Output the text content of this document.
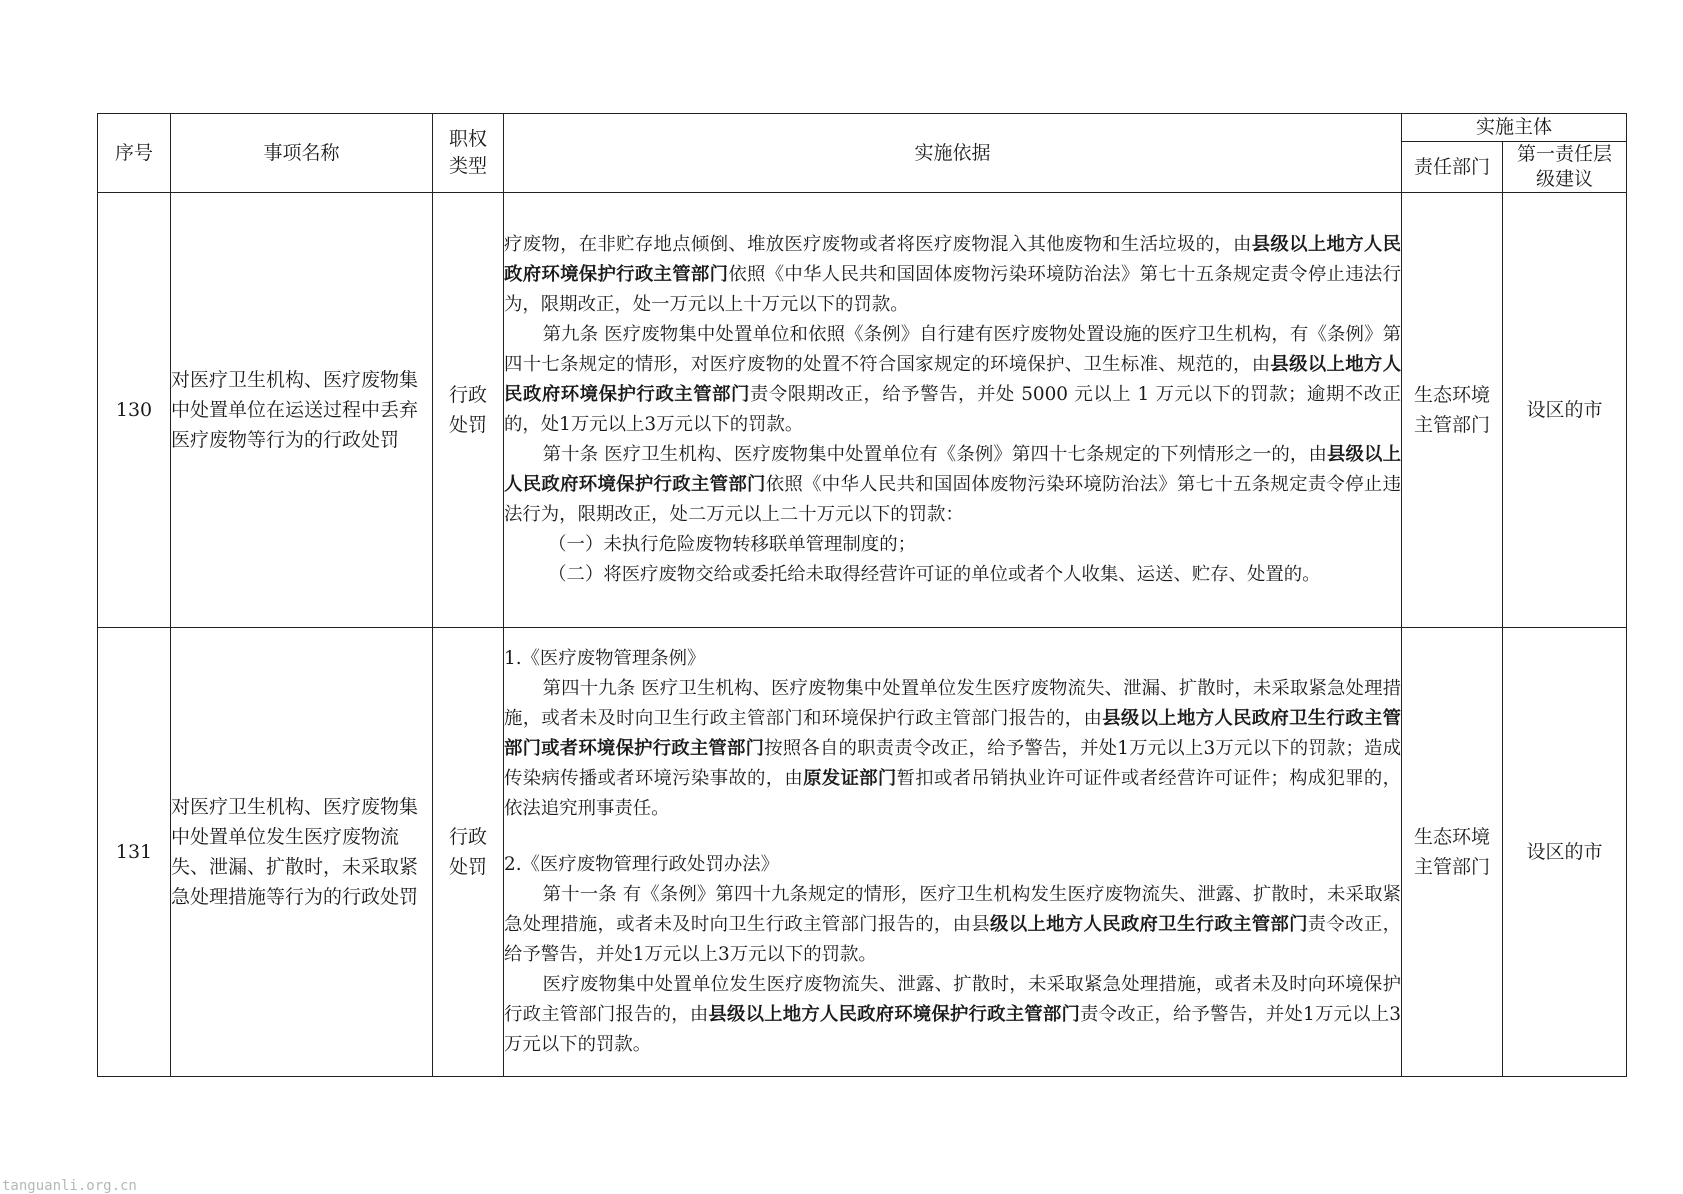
序号	事项名称	职权类型	实施依据	实施主体	
				责任部门	第一责任层级建议
130	对医疗卫生机构、医疗废物集中处置单位在运送过程中丢弃医疗废物等行为的行政处罚	行政处罚	疗废物，在非贮存地点倾倒、堆放医疗废物或者将医疗废物混入其他废物和生活垃圾的，由县级以上地方人民政府环境保护行政主管部门依照《中华人民共和国固体废物污染环境防治法》第七十五条规定责令停止违法行为，限期改正，处一万元以上十万元以下的罚款。

第九条 医疗废物集中处置单位和依照《条例》自行建有医疗废物处置设施的医疗卫生机构，有《条例》第四十七条规定的情形，对医疗废物的处置不符合国家规定的环境保护、卫生标准、规范的，由县级以上地方人民政府环境保护行政主管部门责令限期改正，给予警告，并处 5000 元以上 1 万元以下的罚款；逾期不改正的，处1万元以上3万元以下的罚款。

第十条 医疗卫生机构、医疗废物集中处置单位有《条例》第四十七条规定的下列情形之一的，由县级以上人民政府环境保护行政主管部门依照《中华人民共和国固体废物污染环境防治法》第七十五条规定责令停止违法行为，限期改正，处二万元以上二十万元以下的罚款：

（一）未执行危险废物转移联单管理制度的；

（二）将医疗废物交给或委托给未取得经营许可证的单位或者个人收集、运送、贮存、处置的。	生态环境主管部门	设区的市
131	对医疗卫生机构、医疗废物集中处置单位发生医疗废物流失、泄漏、扩散时，未采取紧急处理措施等行为的行政处罚	行政处罚	1.《医疗废物管理条例》

第四十九条 医疗卫生机构、医疗废物集中处置单位发生医疗废物流失、泄漏、扩散时，未采取紧急处理措施，或者未及时向卫生行政主管部门和环境保护行政主管部门报告的，由县级以上地方人民政府卫生行政主管部门或者环境保护行政主管部门按照各自的职责责令改正，给予警告，并处1万元以上3万元以下的罚款；造成传染病传播或者环境污染事故的，由原发证部门暂扣或者吊销执业许可证件或者经营许可证件；构成犯罪的，依法追究刑事责任。

2.《医疗废物管理行政处罚办法》

第十一条 有《条例》第四十九条规定的情形，医疗卫生机构发生医疗废物流失、泄露、扩散时，未采取紧急处理措施，或者未及时向卫生行政主管部门报告的，由县级以上地方人民政府卫生行政主管部门责令改正，给予警告，并处1万元以上3万元以下的罚款。

医疗废物集中处置单位发生医疗废物流失、泄露、扩散时，未采取紧急处理措施，或者未及时向环境保护行政主管部门报告的，由县级以上地方人民政府环境保护行政主管部门责令改正，给予警告，并处1万元以上3万元以下的罚款。	生态环境主管部门	设区的市
tanguanli.org.cn
